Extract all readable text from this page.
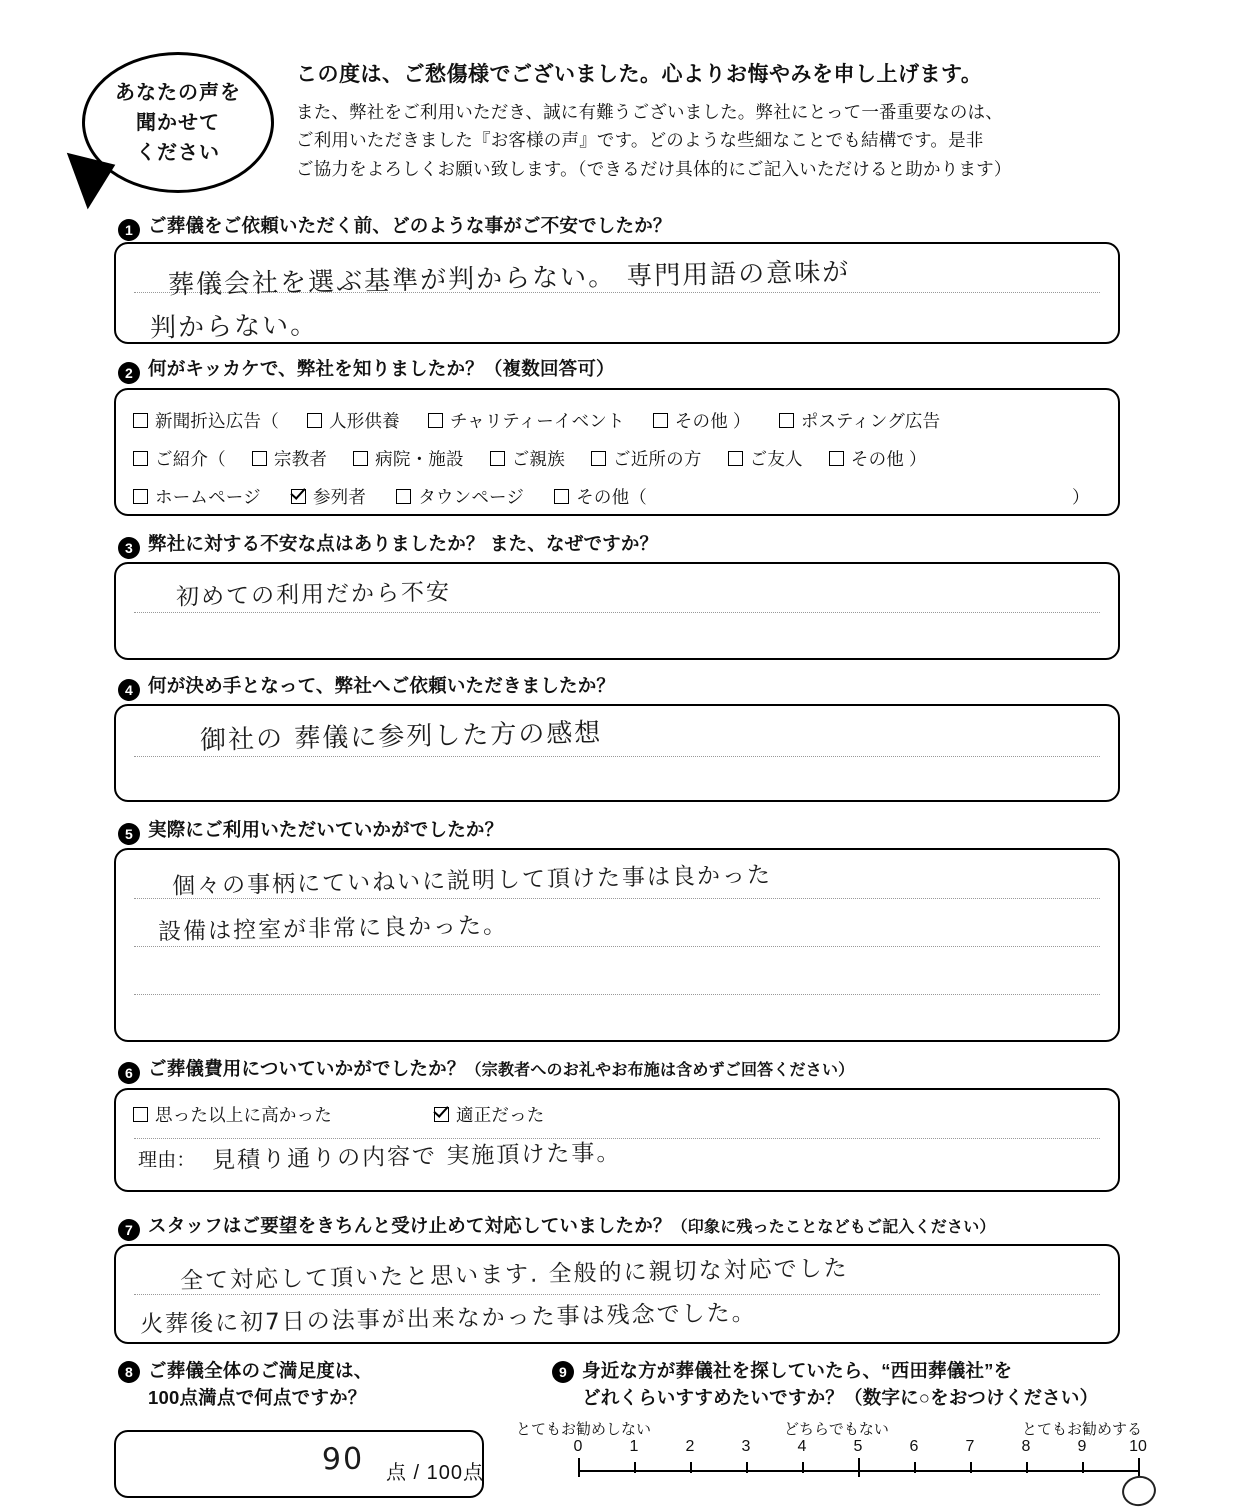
あなたの声を
聞かせて
ください
この度は、ご愁傷様でございました。心よりお悔やみを申し上げます。
また、弊社をご利用いただき、誠に有難うございました。弊社にとって一番重要なのは、
ご利用いただきました『お客様の声』です。どのような些細なことでも結構です。是非
ご協力をよろしくお願い致します。（できるだけ具体的にご記入いただけると助かります）
1 ご葬儀をご依頼いただく前、どのような事がご不安でしたか？
葬儀会社を選ぶ基準が判からない。 専門用語の意味が
判からない。
2 何がキッカケで、弊社を知りましたか？（複数回答可）
新聞折込広告（	人形供養	チャリティーイベント	その他 ）	ポスティング広告
ご紹介（	宗教者	病院・施設	ご親族	ご近所の方	ご友人	その他 ）
ホームページ	参列者	タウンページ	その他（	）
3 弊社に対する不安な点はありましたか？ また、なぜですか？
初めての利用だから不安
4 何が決め手となって、弊社へご依頼いただきましたか？
御社の 葬儀に参列した方の感想
5 実際にご利用いただいていかがでしたか？
個々の事柄にていねいに説明して頂けた事は良かった
設備は控室が非常に良かった。
6 ご葬儀費用についていかがでしたか？ （宗教者へのお礼やお布施は含めずご回答ください）
思った以上に高かった	適正だった
理由： 見積り通りの内容で 実施頂けた事。
7 スタッフはご要望をきちんと受け止めて対応していましたか？ （印象に残ったことなどもご記入ください）
全て対応して頂いたと思います. 全般的に親切な対応でした
火葬後に初7日の法事が出来なかった事は残念でした。
8 ご葬儀全体のご満足度は、
100点満点で何点ですか？
90 点 / 100点
9 身近な方が葬儀社を探していたら、“西田葬儀社”を
どれくらいすすめたいですか？（数字に○をおつけください）
とてもお勧めしない	どちらでもない	とてもお勧めする
0	1	2	3	4	5	6	7	8	9	10
